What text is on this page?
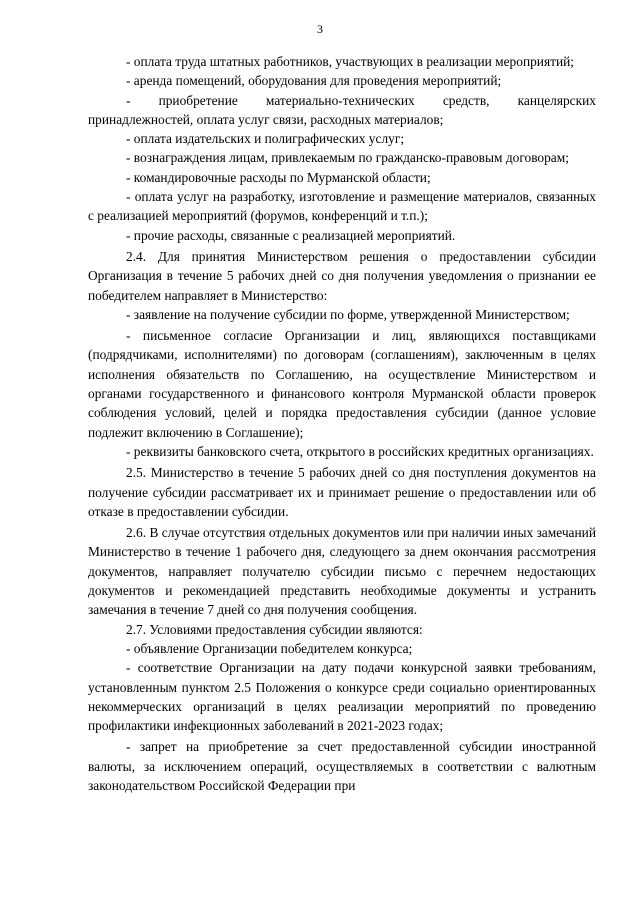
3

- оплата труда штатных работников, участвующих в реализации мероприятий;

- аренда помещений, оборудования для проведения мероприятий;

- приобретение материально-технических средств, канцелярских принадлежностей, оплата услуг связи, расходных материалов;

- оплата издательских и полиграфических услуг;

- вознаграждения лицам, привлекаемым по гражданско-правовым договорам;

- командировочные расходы по Мурманской области;

- оплата услуг на разработку, изготовление и размещение материалов, связанных с реализацией мероприятий (форумов, конференций и т.п.);

- прочие расходы, связанные с реализацией мероприятий.

2.4. Для принятия Министерством решения о предоставлении субсидии Организация в течение 5 рабочих дней со дня получения уведомления о признании ее победителем направляет в Министерство:

- заявление на получение субсидии по форме, утвержденной Министерством;

- письменное согласие Организации и лиц, являющихся поставщиками (подрядчиками, исполнителями) по договорам (соглашениям), заключенным в целях исполнения обязательств по Соглашению, на осуществление Министерством и органами государственного и финансового контроля Мурманской области проверок соблюдения условий, целей и порядка предоставления субсидии (данное условие подлежит включению в Соглашение);

- реквизиты банковского счета, открытого в российских кредитных организациях.

2.5. Министерство в течение 5 рабочих дней со дня поступления документов на получение субсидии рассматривает их и принимает решение о предоставлении или об отказе в предоставлении субсидии.

2.6. В случае отсутствия отдельных документов или при наличии иных замечаний Министерство в течение 1 рабочего дня, следующего за днем окончания рассмотрения документов, направляет получателю субсидии письмо с перечнем недостающих документов и рекомендацией представить необходимые документы и устранить замечания в течение 7 дней со дня получения сообщения.

2.7. Условиями предоставления субсидии являются:

- объявление Организации победителем конкурса;

- соответствие Организации на дату подачи конкурсной заявки требованиям, установленным пунктом 2.5 Положения о конкурсе среди социально ориентированных некоммерческих организаций в целях реализации мероприятий по проведению профилактики инфекционных заболеваний в 2021-2023 годах;

- запрет на приобретение за счет предоставленной субсидии иностранной валюты, за исключением операций, осуществляемых в соответствии с валютным законодательством Российской Федерации при
